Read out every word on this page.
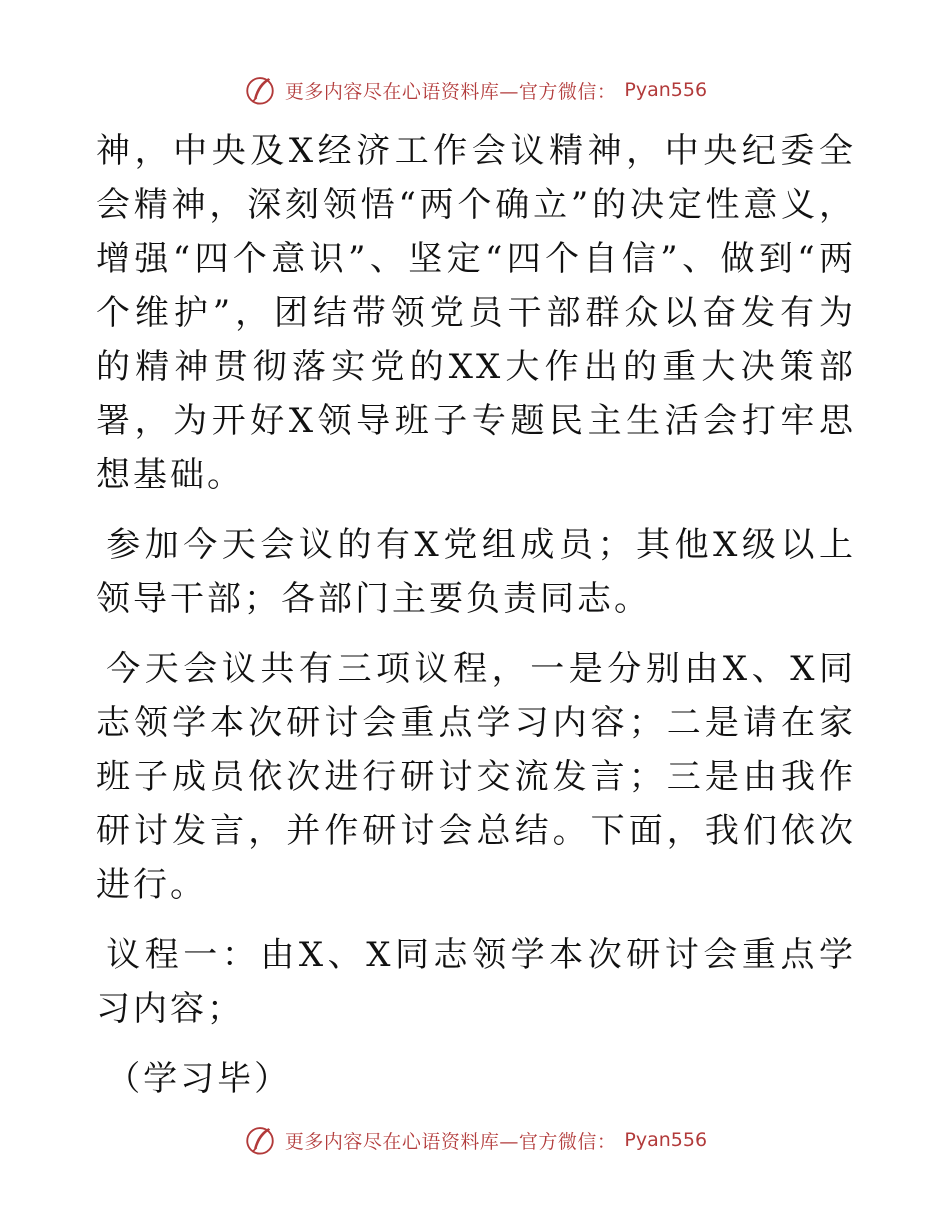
更多内容尽在心语资料库—官方微信： Pyan556

神，中央及X经济工作会议精神，中央纪委全会精神，深刻领悟“两个确立”的决定性意义，增强“四个意识”、坚定“四个自信”、做到“两个维护”，团结带领党员干部群众以奋发有为的精神贯彻落实党的XX大作出的重大决策部署，为开好X领导班子专题民主生活会打牢思想基础。

参加今天会议的有X党组成员；其他X级以上领导干部；各部门主要负责同志。

今天会议共有三项议程，一是分别由X、X同志领学本次研讨会重点学习内容；二是请在家班子成员依次进行研讨交流发言；三是由我作研讨发言，并作研讨会总结。下面，我们依次进行。

议程一：由X、X同志领学本次研讨会重点学习内容；

（学习毕）

更多内容尽在心语资料库—官方微信： Pyan556
